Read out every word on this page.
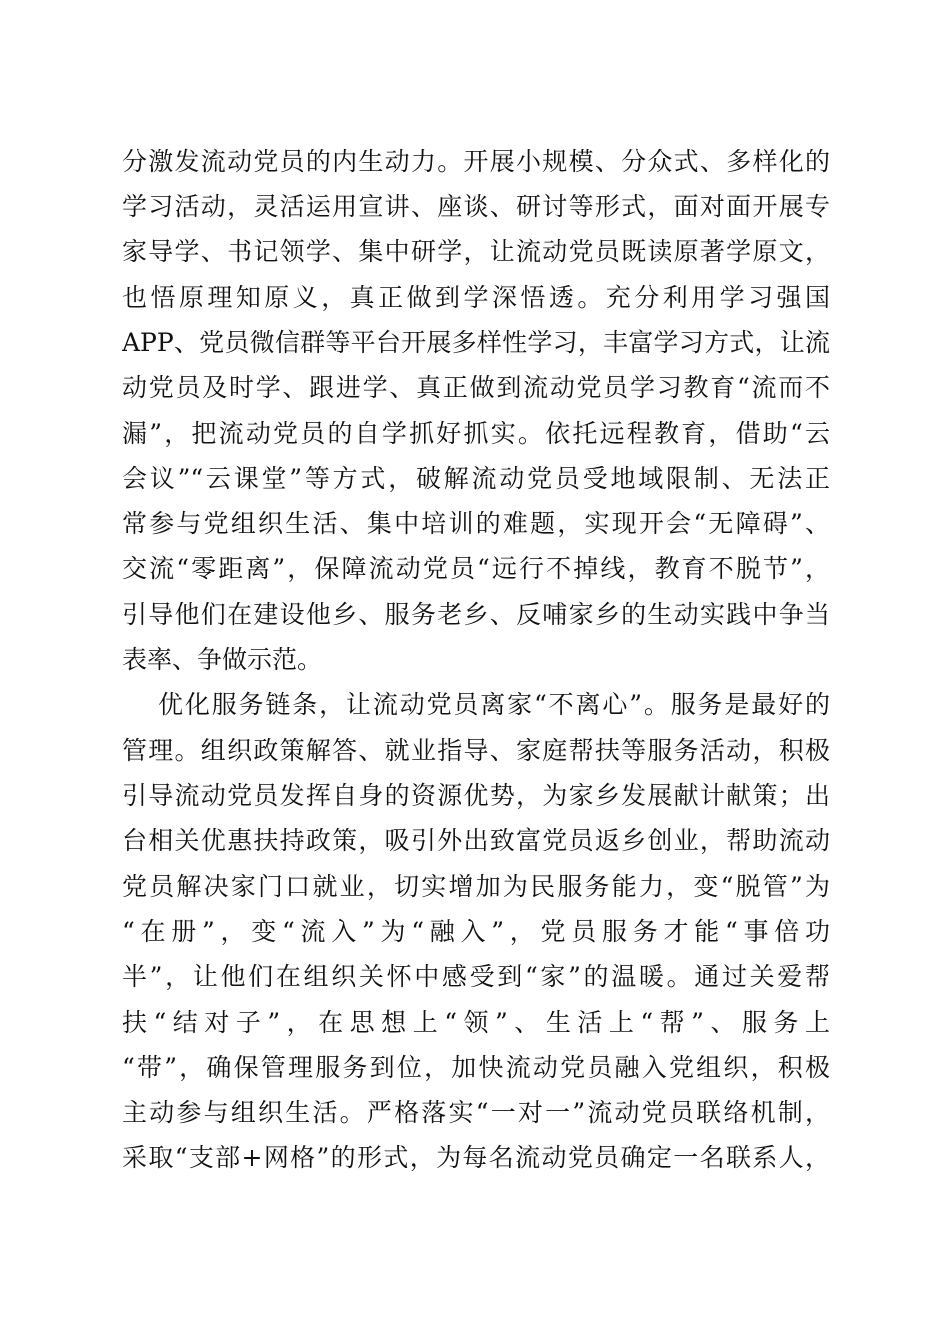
分激发流动党员的内生动力。开展小规模、分众式、多样化的
学习活动，灵活运用宣讲、座谈、研讨等形式，面对面开展专
家导学、书记领学、集中研学，让流动党员既读原著学原文，
也悟原理知原义，真正做到学深悟透。充分利用学习强国
APP、党员微信群等平台开展多样性学习，丰富学习方式，让流
动党员及时学、跟进学、真正做到流动党员学习教育“流而不
漏”，把流动党员的自学抓好抓实。依托远程教育，借助“云
会议”“云课堂”等方式，破解流动党员受地域限制、无法正
常参与党组织生活、集中培训的难题，实现开会“无障碍”、
交流“零距离”，保障流动党员“远行不掉线，教育不脱节”，
引导他们在建设他乡、服务老乡、反哺家乡的生动实践中争当
表率、争做示范。
优化服务链条，让流动党员离家“不离心”。服务是最好的
管理。组织政策解答、就业指导、家庭帮扶等服务活动，积极
引导流动党员发挥自身的资源优势，为家乡发展献计献策；出
台相关优惠扶持政策，吸引外出致富党员返乡创业，帮助流动
党员解决家门口就业，切实增加为民服务能力，变“脱管”为
“在册”，变“流入”为“融入”，党员服务才能“事倍功
半”，让他们在组织关怀中感受到“家”的温暖。通过关爱帮
扶“结对子”，在思想上“领”、生活上“帮”、服务上
“带”，确保管理服务到位，加快流动党员融入党组织，积极
主动参与组织生活。严格落实“一对一”流动党员联络机制，
采取“支部+网格”的形式，为每名流动党员确定一名联系人，
